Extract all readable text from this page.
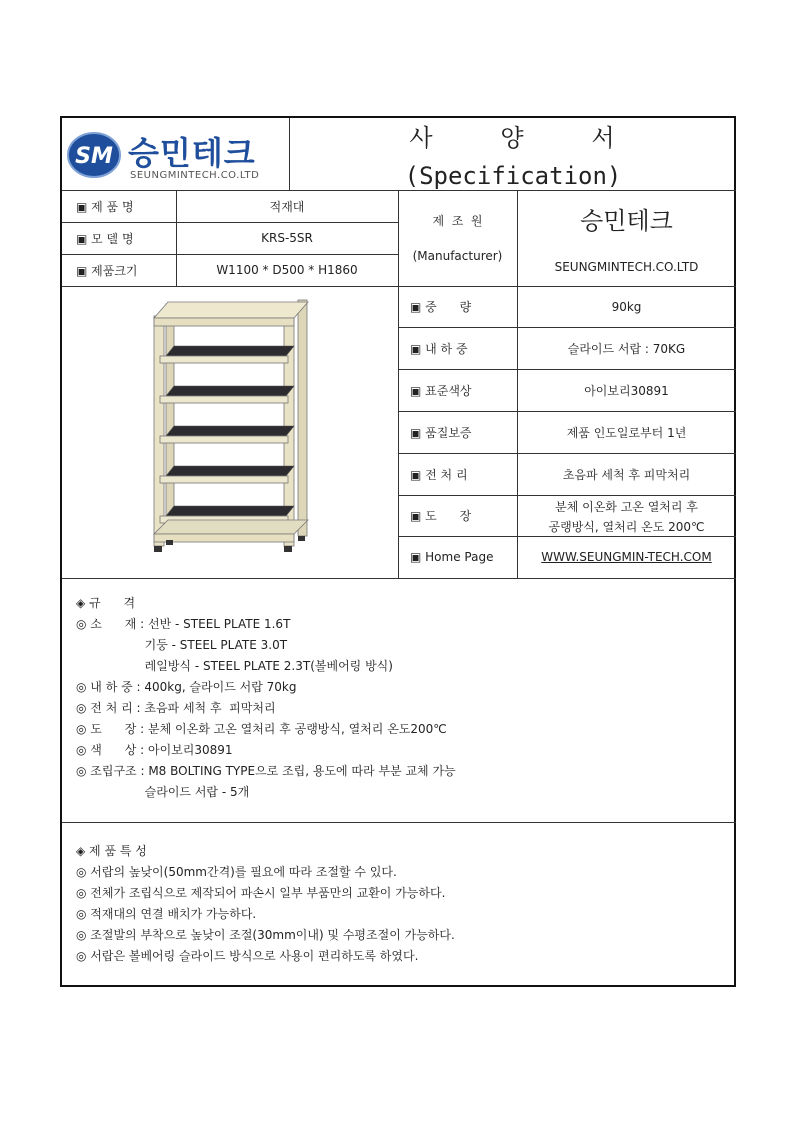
SM 승민테크
SEUNGMINTECH.CO.LTD
사    양    서
(Specification)
▣ 제 품 명	적재대
▣ 모 델 명	KRS-5SR
▣ 제품크기	W1100 * D500 * H1860
제  조  원
(Manufacturer)
승민테크
SEUNGMINTECH.CO.LTD
▣ 중      량	90kg
▣ 내 하 중	슬라이드 서랍 : 70KG
▣ 표준색상	아이보리30891
▣ 품질보증	제품 인도일로부터 1년
▣ 전 처 리	초음파 세척 후 피막처리
▣ 도      장
분체 이온화 고온 열처리 후
공랭방식, 열처리 온도 200℃
▣ Home Page	WWW.SEUNGMIN-TECH.COM

◈ 규      격

◎ 소      재 : 선반 - STEEL PLATE 1.6T

기둥 - STEEL PLATE 3.0T

레일방식 - STEEL PLATE 2.3T(볼베어링 방식)

◎ 내 하 중 : 400kg, 슬라이드 서랍 70kg

◎ 전 처 리 : 초음파 세척 후  피막처리

◎ 도      장 : 분체 이온화 고온 열처리 후 공랭방식, 열처리 온도200℃

◎ 색      상 : 아이보리30891

◎ 조립구조 : M8 BOLTING TYPE으로 조립, 용도에 따라 부분 교체 가능

슬라이드 서랍 - 5개

◈ 제 품 특 성

◎ 서랍의 높낮이(50mm간격)를 필요에 따라 조절할 수 있다.

◎ 전체가 조립식으로 제작되어 파손시 일부 부품만의 교환이 가능하다.

◎ 적재대의 연결 배치가 가능하다.

◎ 조절발의 부착으로 높낮이 조절(30mm이내) 및 수평조절이 가능하다.

◎ 서랍은 볼베어링 슬라이드 방식으로 사용이 편리하도록 하였다.
